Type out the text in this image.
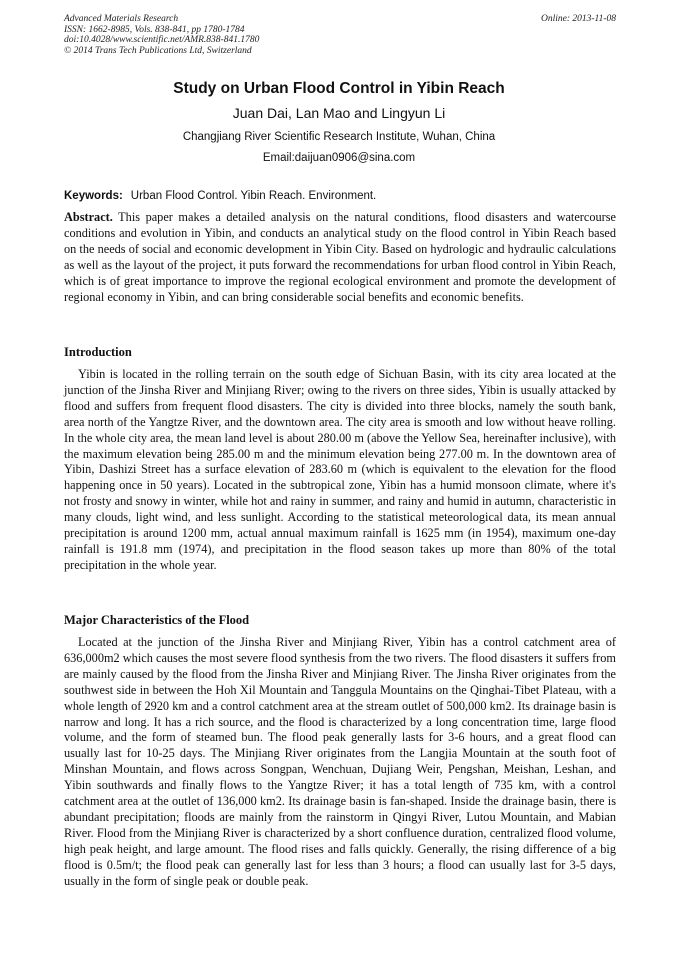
Advanced Materials Research
ISSN: 1662-8985, Vols. 838-841, pp 1780-1784
doi:10.4028/www.scientific.net/AMR.838-841.1780
© 2014 Trans Tech Publications Ltd, Switzerland
Online: 2013-11-08
Study on Urban Flood Control in Yibin Reach
Juan Dai, Lan Mao and Lingyun Li
Changjiang River Scientific Research Institute, Wuhan, China
Email:daijuan0906@sina.com
Keywords: Urban Flood Control. Yibin Reach. Environment.
Abstract. This paper makes a detailed analysis on the natural conditions, flood disasters and watercourse conditions and evolution in Yibin, and conducts an analytical study on the flood control in Yibin Reach based on the needs of social and economic development in Yibin City. Based on hydrologic and hydraulic calculations as well as the layout of the project, it puts forward the recommendations for urban flood control in Yibin Reach, which is of great importance to improve the regional ecological environment and promote the development of regional economy in Yibin, and can bring considerable social benefits and economic benefits.
Introduction
Yibin is located in the rolling terrain on the south edge of Sichuan Basin, with its city area located at the junction of the Jinsha River and Minjiang River; owing to the rivers on three sides, Yibin is usually attacked by flood and suffers from frequent flood disasters. The city is divided into three blocks, namely the south bank, area north of the Yangtze River, and the downtown area. The city area is smooth and low without heave rolling. In the whole city area, the mean land level is about 280.00 m (above the Yellow Sea, hereinafter inclusive), with the maximum elevation being 285.00 m and the minimum elevation being 277.00 m. In the downtown area of Yibin, Dashizi Street has a surface elevation of 283.60 m (which is equivalent to the elevation for the flood happening once in 50 years). Located in the subtropical zone, Yibin has a humid monsoon climate, where it's not frosty and snowy in winter, while hot and rainy in summer, and rainy and humid in autumn, characteristic in many clouds, light wind, and less sunlight. According to the statistical meteorological data, its mean annual precipitation is around 1200 mm, actual annual maximum rainfall is 1625 mm (in 1954), maximum one-day rainfall is 191.8 mm (1974), and precipitation in the flood season takes up more than 80% of the total precipitation in the whole year.
Major Characteristics of the Flood
Located at the junction of the Jinsha River and Minjiang River, Yibin has a control catchment area of 636,000m2 which causes the most severe flood synthesis from the two rivers. The flood disasters it suffers from are mainly caused by the flood from the Jinsha River and Minjiang River. The Jinsha River originates from the southwest side in between the Hoh Xil Mountain and Tanggula Mountains on the Qinghai-Tibet Plateau, with a whole length of 2920 km and a control catchment area at the stream outlet of 500,000 km2. Its drainage basin is narrow and long. It has a rich source, and the flood is characterized by a long concentration time, large flood volume, and the form of steamed bun. The flood peak generally lasts for 3-6 hours, and a great flood can usually last for 10-25 days. The Minjiang River originates from the Langjia Mountain at the south foot of Minshan Mountain, and flows across Songpan, Wenchuan, Dujiang Weir, Pengshan, Meishan, Leshan, and Yibin southwards and finally flows to the Yangtze River; it has a total length of 735 km, with a control catchment area at the outlet of 136,000 km2. Its drainage basin is fan-shaped. Inside the drainage basin, there is abundant precipitation; floods are mainly from the rainstorm in Qingyi River, Lutou Mountain, and Mabian River. Flood from the Minjiang River is characterized by a short confluence duration, centralized flood volume, high peak height, and large amount. The flood rises and falls quickly. Generally, the rising difference of a big flood is 0.5m/t; the flood peak can generally last for less than 3 hours; a flood can usually last for 3-5 days, usually in the form of single peak or double peak.
